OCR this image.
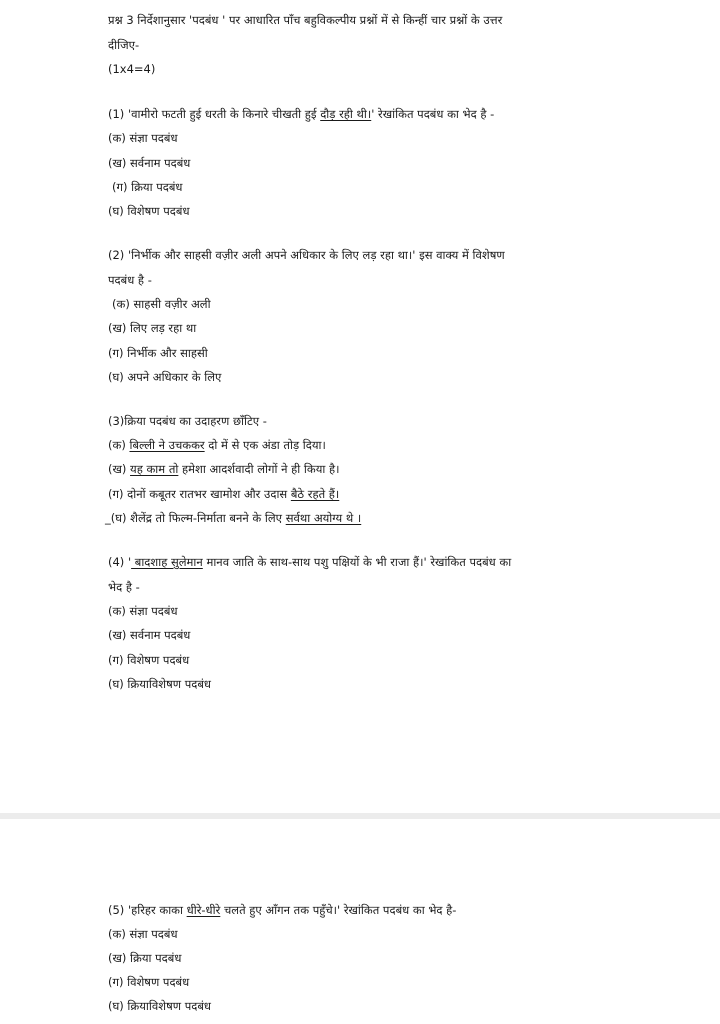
प्रश्न 3 निर्देशानुसार 'पदबंध ' पर आधारित पाँच बहुविकल्पीय प्रश्नों में से किन्हीं चार प्रश्नों के उत्तर
दीजिए-
(1x4=4)
(1) 'वामीरो फटती हुई धरती के किनारे चीखती हुई दौड़ रही थी।' रेखांकित पदबंध का भेद है -
(क) संज्ञा पदबंध
(ख) सर्वनाम पदबंध
(ग) क्रिया पदबंध
(घ) विशेषण पदबंध
(2) 'निर्भीक और साहसी वज़ीर अली अपने अधिकार के लिए लड़ रहा था।' इस वाक्य में विशेषण
पदबंध है -
(क) साहसी वज़ीर अली
(ख) लिए लड़ रहा था
(ग) निर्भीक और साहसी
(घ) अपने अधिकार के लिए
(3)क्रिया पदबंध का उदाहरण छाँटिए -
(क) बिल्ली ने उचककर दो में से एक अंडा तोड़ दिया।
(ख) यह काम तो हमेशा आदर्शवादी लोगों ने ही किया है।
(ग) दोनों कबूतर रातभर खामोश और उदास बैठे रहते हैं।
_(घ) शैलेंद्र तो फिल्म-निर्माता बनने के लिए सर्वथा अयोग्य थे ।
(4) ' बादशाह सुलेमान मानव जाति के साथ-साथ पशु पक्षियों के भी राजा हैं।' रेखांकित पदबंध का
भेद है -
(क) संज्ञा पदबंध
(ख) सर्वनाम पदबंध
(ग) विशेषण पदबंध
(घ) क्रियाविशेषण पदबंध
(5) 'हरिहर काका धीरे-धीरे चलते हुए आँगन तक पहुँचे।' रेखांकित पदबंध का भेद है-
(क) संज्ञा पदबंध
(ख) क्रिया पदबंध
(ग) विशेषण पदबंध
(घ) क्रियाविशेषण पदबंध
